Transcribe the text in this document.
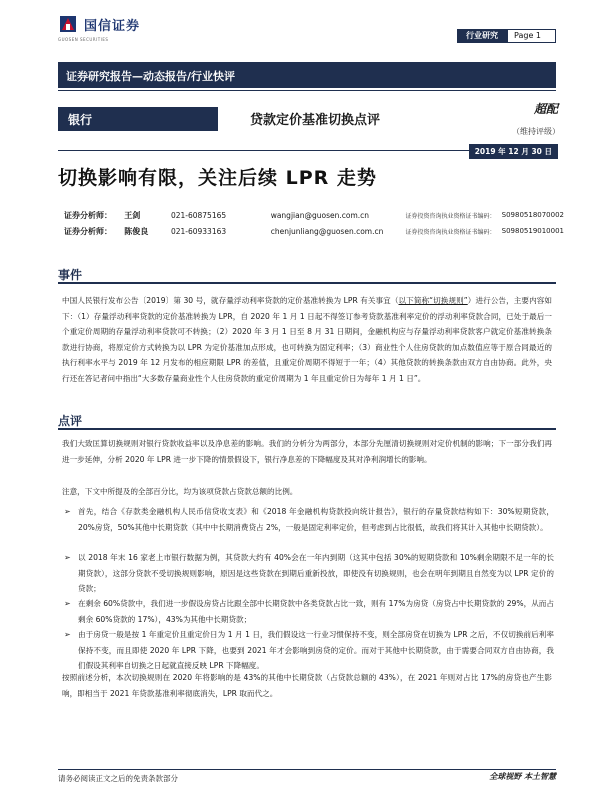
国信证券
GUOSEN SECURITIES	行业研究	Page 1
证券研究报告—动态报告/行业快评
银行	贷款定价基准切换点评
超配
（维持评级）
2019 年 12 月 30 日
切换影响有限，关注后续 LPR 走势
证券分析师：	王剑	021-60875165	wangjian@guosen.com.cn	证券投资咨询执业资格证书编码： S0980518070002
证券分析师：	陈俊良	021-60933163	chenjunliang@guosen.com.cn	证券投资咨询执业资格证书编码： S0980519010001
事件
中国人民银行发布公告〔2019〕第 30 号，就存量浮动利率贷款的定价基准转换为 LPR 有关事宜（以下简称“切换规则”）进行公告，主要内容如下：（1）存量浮动利率贷款的定价基准转换为 LPR，自 2020 年 1 月 1 日起不得签订参考贷款基准利率定价的浮动利率贷款合同，已处于最后一个重定价周期的存量浮动利率贷款可不转换；（2）2020 年 3 月 1 日至 8 月 31 日期间，金融机构应与存量浮动利率贷款客户就定价基准转换条款进行协商，将原定价方式转换为以 LPR 为定价基准加点形成，也可转换为固定利率；（3）商业性个人住房贷款的加点数值应等于原合同最近的执行利率水平与 2019 年 12 月发布的相应期限 LPR 的差值，且重定价周期不得短于一年；（4）其他贷款的转换条款由双方自由协商。此外，央行还在答记者问中指出“大多数存量商业性个人住房贷款的重定价周期为 1 年且重定价日为每年 1 月 1 日”。
点评
我们大致匡算切换规则对银行贷款收益率以及净息差的影响。我们的分析分为两部分，本部分先厘清切换规则对定价机制的影响；下一部分我们再进一步延伸，分析 2020 年 LPR 进一步下降的情景假设下，银行净息差的下降幅度及其对净利润增长的影响。
注意，下文中所提及的全部百分比，均为该项贷款占贷款总额的比例。
➢ 首先，结合《存款类金融机构人民币信贷收支表》和《2018 年金融机构贷款投向统计报告》，银行的存量贷款结构如下：30%短期贷款，20%房贷，50%其他中长期贷款（其中中长期消费贷占 2%，一般是固定利率定价，但考虑到占比很低，故我们将其计入其他中长期贷款）。
➢ 以 2018 年末 16 家老上市银行数据为例，其贷款大约有 40%会在一年内到期（这其中包括 30%的短期贷款和 10%剩余期限不足一年的长期贷款），这部分贷款不受切换规则影响，原因是这些贷款在到期后重新投放，即使没有切换规则，也会在明年到期且自然变为以 LPR 定价的贷款；
➢ 在剩余 60%贷款中，我们进一步假设房贷占比跟全部中长期贷款中各类贷款占比一致，则有 17%为房贷（房贷占中长期贷款的 29%，从而占剩余 60%贷款的 17%），43%为其他中长期贷款；
➢ 由于房贷一般是按 1 年重定价且重定价日为 1 月 1 日，我们假设这一行业习惯保持不变，则全部房贷在切换为 LPR 之后，不仅切换前后利率保持不变，而且即使 2020 年 LPR 下降，也要到 2021 年才会影响到房贷的定价。而对于其他中长期贷款，由于需要合同双方自由协商，我们假设其利率自切换之日起就直接反映 LPR 下降幅度。
按照前述分析，本次切换规则在 2020 年将影响的是 43%的其他中长期贷款（占贷款总额的 43%），在 2021 年则对占比 17%的房贷也产生影响，即相当于 2021 年贷款基准利率彻底消失，LPR 取而代之。
请务必阅读正文之后的免责条款部分	全球视野 本土智慧
